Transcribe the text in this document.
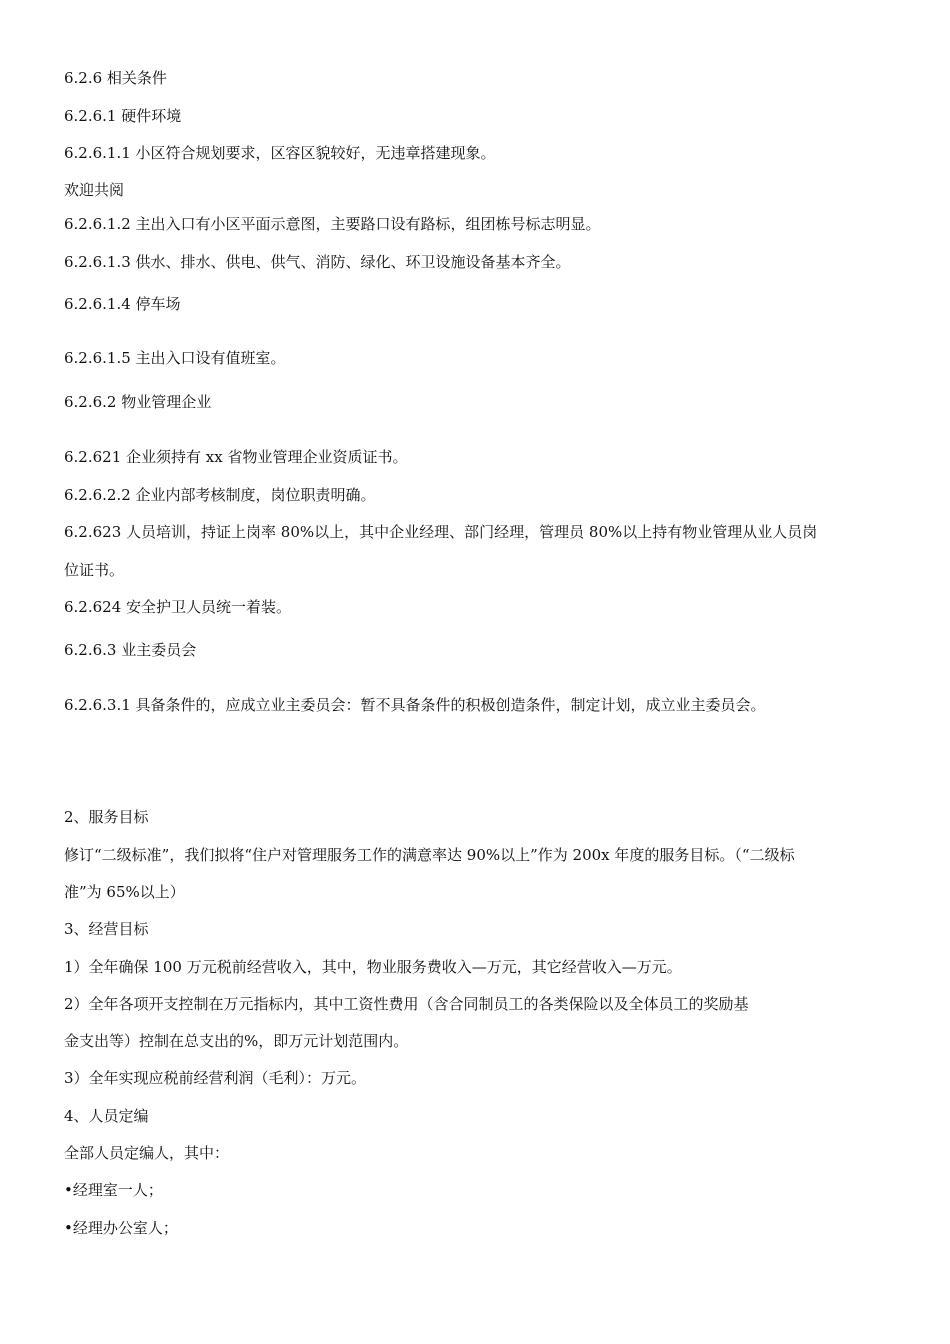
6.2.6 相关条件
6.2.6.1 硬件环境
6.2.6.1.1 小区符合规划要求，区容区貌较好，无违章搭建现象。
欢迎共阅
6.2.6.1.2 主出入口有小区平面示意图，主要路口设有路标，组团栋号标志明显。
6.2.6.1.3 供水、排水、供电、供气、消防、绿化、环卫设施设备基本齐全。
6.2.6.1.4 停车场
6.2.6.1.5 主出入口设有值班室。
6.2.6.2 物业管理企业
6.2.621 企业须持有 xx 省物业管理企业资质证书。
6.2.6.2.2 企业内部考核制度，岗位职责明确。
6.2.623 人员培训，持证上岗率 80%以上，其中企业经理、部门经理，管理员 80%以上持有物业管理从业人员岗
位证书。
6.2.624 安全护卫人员统一着装。
6.2.6.3 业主委员会
6.2.6.3.1 具备条件的，应成立业主委员会：暂不具备条件的积极创造条件，制定计划，成立业主委员会。
2、服务目标
修订“二级标准”，我们拟将“住户对管理服务工作的满意率达 90%以上”作为 200x 年度的服务目标。（“二级标
准”为 65%以上）
3、经营目标
1）全年确保 100 万元税前经营收入，其中，物业服务费收入—万元，其它经营收入—万元。
2）全年各项开支控制在万元指标内，其中工资性费用（含合同制员工的各类保险以及全体员工的奖励基
金支出等）控制在总支出的%，即万元计划范围内。
3）全年实现应税前经营利润（毛利）：万元。
4、人员定编
全部人员定编人，其中：
•经理室一人；
•经理办公室人；
